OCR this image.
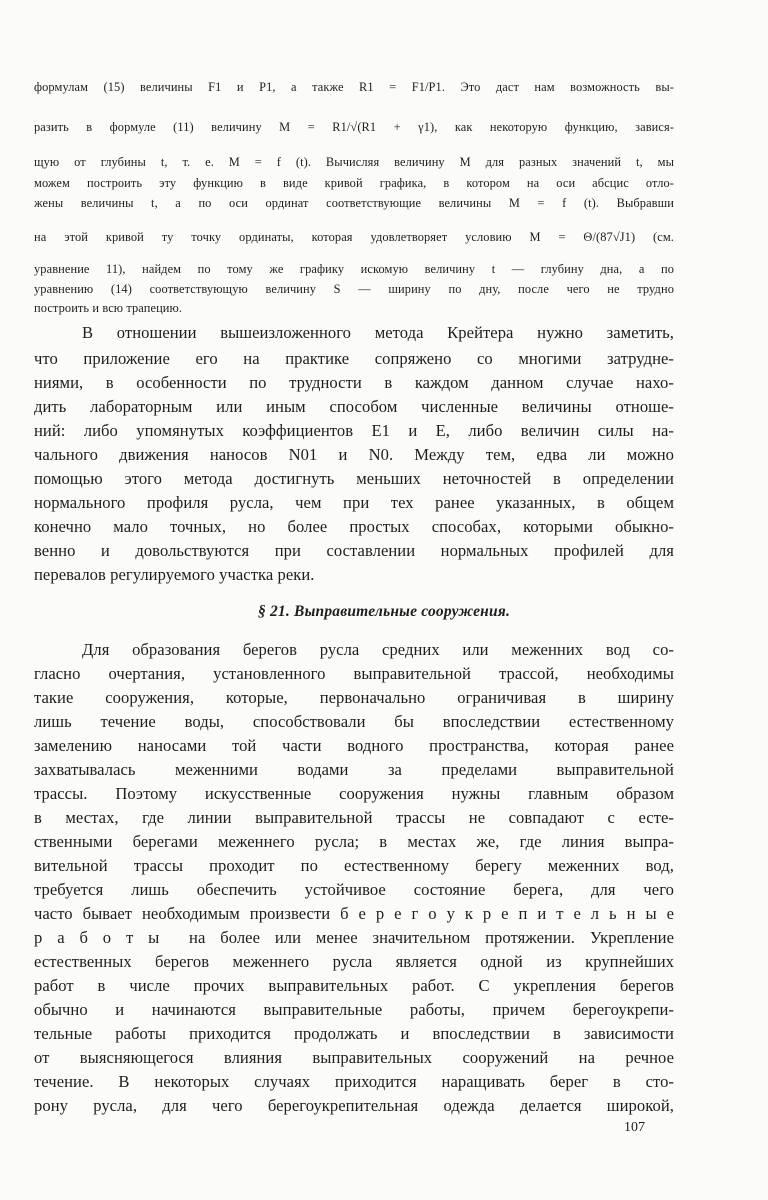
формулам (15) величины F1 и P1, а также R1 = F1/P1. Это даст нам возможность вы-
разить в формуле (11) величину M = R1/√(R1 + γ1), как некоторую функцию, завися-
щую от глубины t, т. е. M = f (t). Вычисляя величину M для разных значений t, мы
можем построить эту функцию в виде кривой графика, в котором на оси абсцис отло-
жены величины t, а по оси ординат соответствующие величины M = f (t). Выбравши
на этой кривой ту точку ординаты, которая удовлетворяет условию M = Θ/(87√J1) (см.
уравнение 11), найдем по тому же графику искомую величину t — глубину дна, а по
уравнению (14) соответствующую величину S — ширину по дну, после чего не трудно
построить и всю трапецию.
В отношении вышеизложенного метода Крейтера нужно заметить,
что приложение его на практике сопряжено со многими затрудне-
ниями, в особенности по трудности в каждом данном случае нахо-
дить лабораторным или иным способом численные величины отноше-
ний: либо упомянутых коэффициентов E1 и E, либо величин силы на-
чального движения наносов N01 и N0. Между тем, едва ли можно
помощью этого метода достигнуть меньших неточностей в определении
нормального профиля русла, чем при тех ранее указанных, в общем
конечно мало точных, но более простых способах, которыми обыкно-
венно и довольствуются при составлении нормальных профилей для
перевалов регулируемого участка реки.
§ 21. Выправительные сооружения.
Для образования берегов русла средних или меженних вод со-
гласно очертания, установленного выправительной трассой, необходимы
такие сооружения, которые, первоначально ограничивая в ширину
лишь течение воды, способствовали бы впоследствии естественному
замелению наносами той части водного пространства, которая ранее
захватывалась меженними водами за пределами выправительной
трассы. Поэтому искусственные сооружения нужны главным образом
в местах, где линии выправительной трассы не совпадают с есте-
ственными берегами меженнего русла; в местах же, где линия выпра-
вительной трассы проходит по естественному берегу меженних вод,
требуется лишь обеспечить устойчивое состояние берега, для чего
часто бывает необходимым произвести б е р е г о у к р е п и т е л ь н ы е
р а б о т ы  на более или менее значительном протяжении. Укрепление
естественных берегов меженнего русла является одной из крупнейших
работ в числе прочих выправительных работ. С укрепления берегов
обычно и начинаются выправительные работы, причем берегоукрепи-
тельные работы приходится продолжать и впоследствии в зависимости
от выясняющегося влияния выправительных сооружений на речное
течение. В некоторых случаях приходится наращивать берег в сто-
рону русла, для чего берегоукрепительная одежда делается широкой,
107
